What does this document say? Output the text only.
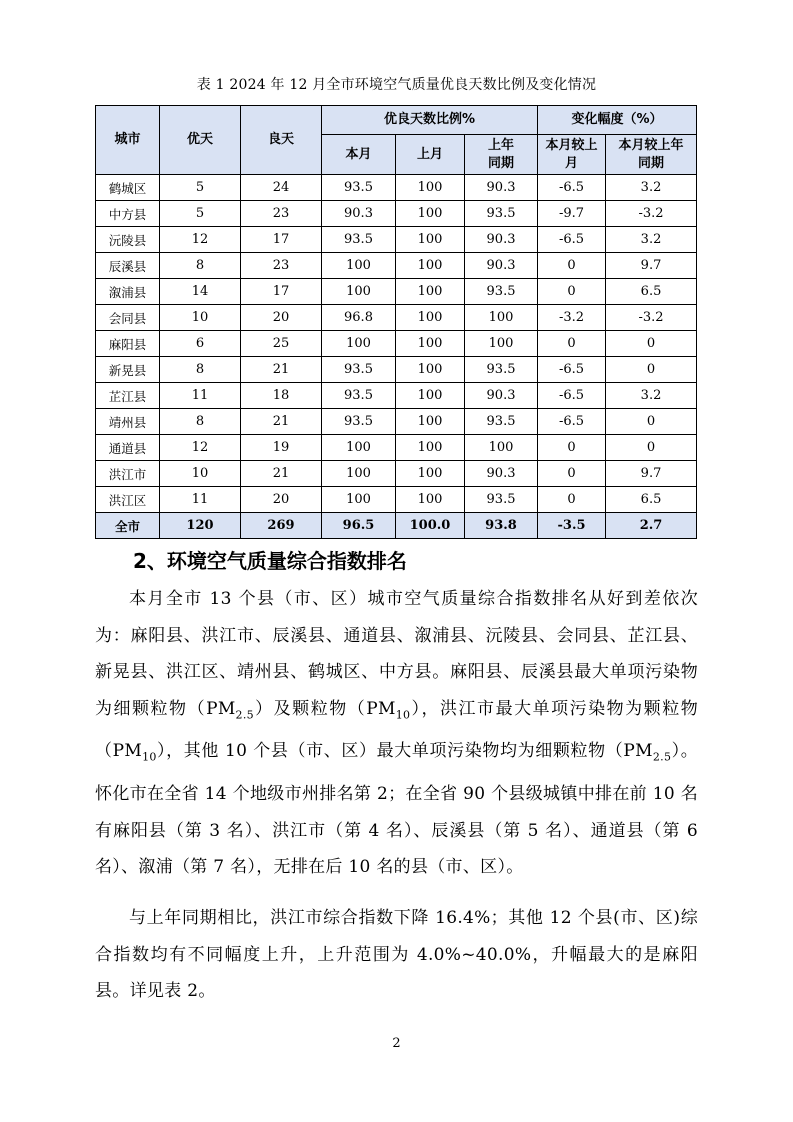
表 1 2024 年 12 月全市环境空气质量优良天数比例及变化情况
城市	优天	良天	优良天数比例%			变化幅度（%）	
			本月	上月	上年同期	本月较上月	本月较上年同期
鹤城区	5	24	93.5	100	90.3	-6.5	3.2
中方县	5	23	90.3	100	93.5	-9.7	-3.2
沅陵县	12	17	93.5	100	90.3	-6.5	3.2
辰溪县	8	23	100	100	90.3	0	9.7
溆浦县	14	17	100	100	93.5	0	6.5
会同县	10	20	96.8	100	100	-3.2	-3.2
麻阳县	6	25	100	100	100	0	0
新晃县	8	21	93.5	100	93.5	-6.5	0
芷江县	11	18	93.5	100	90.3	-6.5	3.2
靖州县	8	21	93.5	100	93.5	-6.5	0
通道县	12	19	100	100	100	0	0
洪江市	10	21	100	100	90.3	0	9.7
洪江区	11	20	100	100	93.5	0	6.5
全市	120	269	96.5	100.0	93.8	-3.5	2.7
2、环境空气质量综合指数排名
本月全市 13 个县（市、区）城市空气质量综合指数排名从好到差依次为：麻阳县、洪江市、辰溪县、通道县、溆浦县、沅陵县、会同县、芷江县、新晃县、洪江区、靖州县、鹤城区、中方县。麻阳县、辰溪县最大单项污染物为细颗粒物$(PM_{2.5})$及颗粒物$(PM_{10})$，洪江市最大单项污染物为颗粒物$(PM_{10})$，其他 10 个县（市、区）最大单项污染物均为细颗粒物$(PM_{2.5})$。怀化市在全省 14 个地级市州排名第 2；在全省 90 个县级城镇中排在前 10 名有麻阳县（第 3 名）、洪江市（第 4 名）、辰溪县（第 5 名）、通道县（第 6 名）、溆浦（第 7 名），无排在后 10 名的县（市、区）。
与上年同期相比，洪江市综合指数下降 16.4%；其他 12 个县(市、区)综合指数均有不同幅度上升，上升范围为 4.0%~40.0%，升幅最大的是麻阳县。详见表 2。
2
